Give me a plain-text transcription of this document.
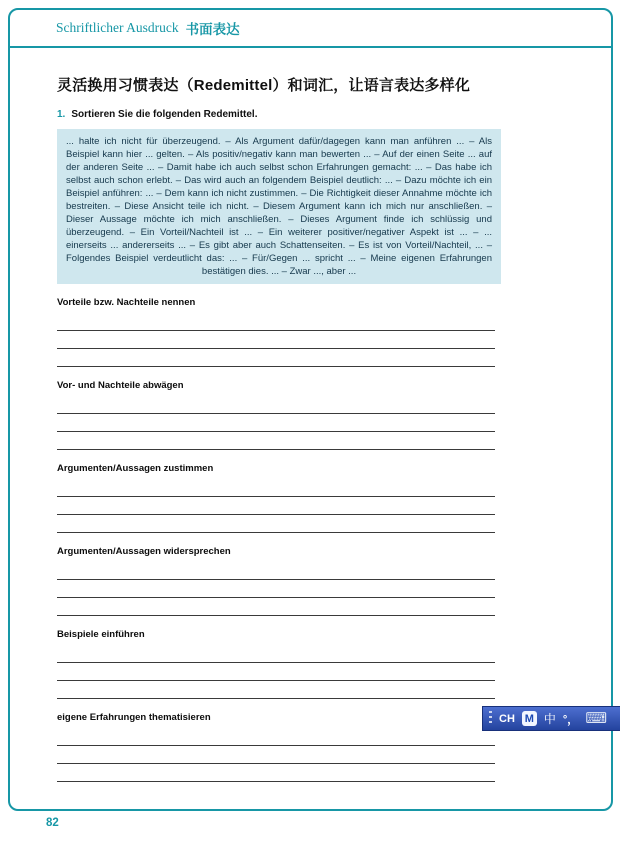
Schriftlicher Ausdruck 书面表达
灵活换用习惯表达（Redemittel）和词汇，让语言表达多样化
1. Sortieren Sie die folgenden Redemittel.
... halte ich nicht für überzeugend. – Als Argument dafür/dagegen kann man anführen ... – Als Beispiel kann hier ... gelten. – Als positiv/negativ kann man bewerten ... – Auf der einen Seite ... auf der anderen Seite ... – Damit habe ich auch selbst schon Erfahrungen gemacht: ... – Das habe ich selbst auch schon erlebt. – Das wird auch an folgendem Beispiel deutlich: ... – Dazu möchte ich ein Beispiel anführen: ... – Dem kann ich nicht zustimmen. – Die Richtigkeit dieser Annahme möchte ich bestreiten. – Diese Ansicht teile ich nicht. – Diesem Argument kann ich mich nur anschließen. – Dieser Aussage möchte ich mich anschließen. – Dieses Argument finde ich schlüssig und überzeugend. – Ein Vorteil/Nachteil ist ... – Ein weiterer positiver/negativer Aspekt ist ... – ... einerseits ... andererseits ... – Es gibt aber auch Schattenseiten. – Es ist von Vorteil/Nachteil, ... – Folgendes Beispiel verdeutlicht das: ... – Für/Gegen ... spricht ... – Meine eigenen Erfahrungen bestätigen dies. ... – Zwar ..., aber ...
Vorteile bzw. Nachteile nennen
Vor- und Nachteile abwägen
Argumenten/Aussagen zustimmen
Argumenten/Aussagen widersprechen
Beispiele einführen
eigene Erfahrungen thematisieren
82
CH M 中 °， ⌨
